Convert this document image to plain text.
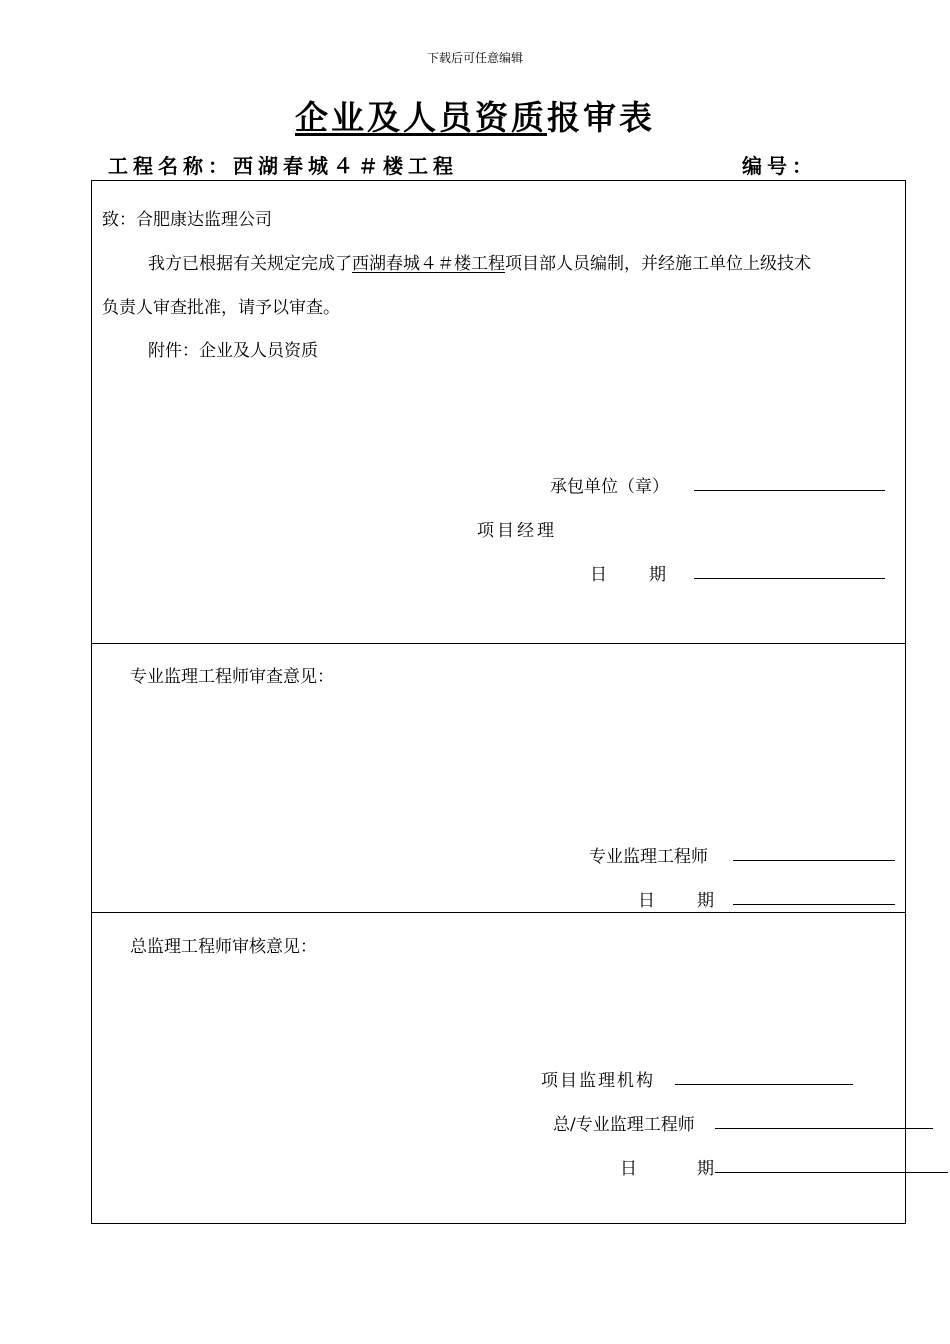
下载后可任意编辑
企业及人员资质报审表
工程名称：西湖春城４＃楼工程	编号：
致：合肥康达监理公司
我方已根据有关规定完成了西湖春城４＃楼工程项目部人员编制，并经施工单位上级技术
负责人审查批准，请予以审查。
附件：企业及人员资质
承包单位（章）
项目经理
日 期
专业监理工程师审查意见：
专业监理工程师
日 期
总监理工程师审核意见：
项目监理机构
总/专业监理工程师
日	期
